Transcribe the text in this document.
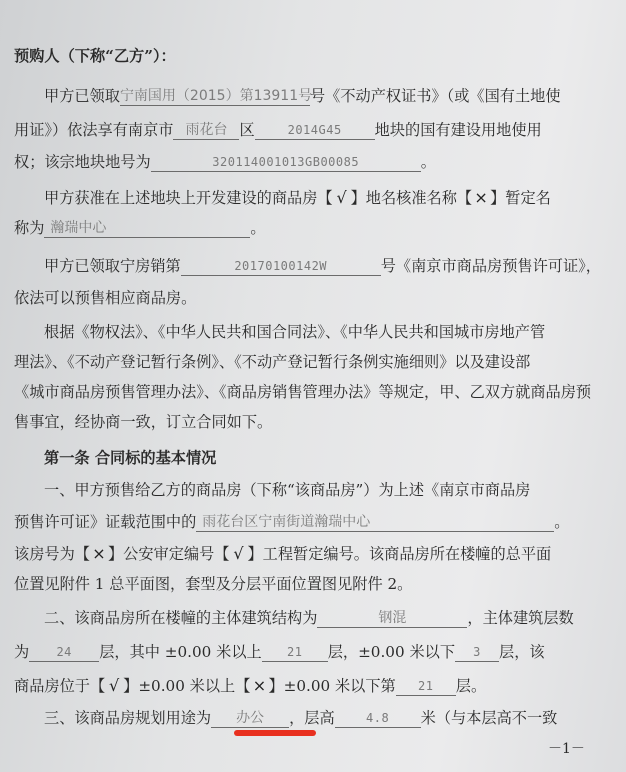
预购人（下称“乙方”）：
甲方已领取宁南国用（2015）第13911号号《不动产权证书》（或《国有土地使
用证》）依法享有南京市 雨花台 区	2014G45 地块的国有建设用地使用
权；该宗地块地号为	320114001013GB00085	。
甲方获准在上述地块上开发建设的商品房【 √ 】地名核准名称【 × 】暂定名
称为 瀚瑞中心	。
甲方已领取宁房销第	20170100142W	号《南京市商品房预售许可证》，
依法可以预售相应商品房。
根据《物权法》、《中华人民共和国合同法》、《中华人民共和国城市房地产管
理法》、《不动产登记暂行条例》、《不动产登记暂行条例实施细则》以及建设部
《城市商品房预售管理办法》、《商品房销售管理办法》等规定，甲、乙双方就商品房预
售事宜，经协商一致，订立合同如下。
第一条 合同标的基本情况
一、甲方预售给乙方的商品房（下称“该商品房”）为上述《南京市商品房
预售许可证》证载范围中的 雨花台区宁南街道瀚瑞中心	。
该房号为【 × 】公安审定编号【 √ 】工程暂定编号。该商品房所在楼幢的总平面
位置见附件 1 总平面图，套型及分层平面位置图见附件 2。
二、该商品房所在楼幢的主体建筑结构为	钢混	，主体建筑层数
为 24 层，其中 ±0.00 米以上 21 层，±0.00 米以下 3 层，该
商品房位于【 √ 】±0.00 米以上【 × 】±0.00 米以下第 21 层。
三、该商品房规划用途为 办公 ，层高	4.8 米（与本层高不一致
－1－
